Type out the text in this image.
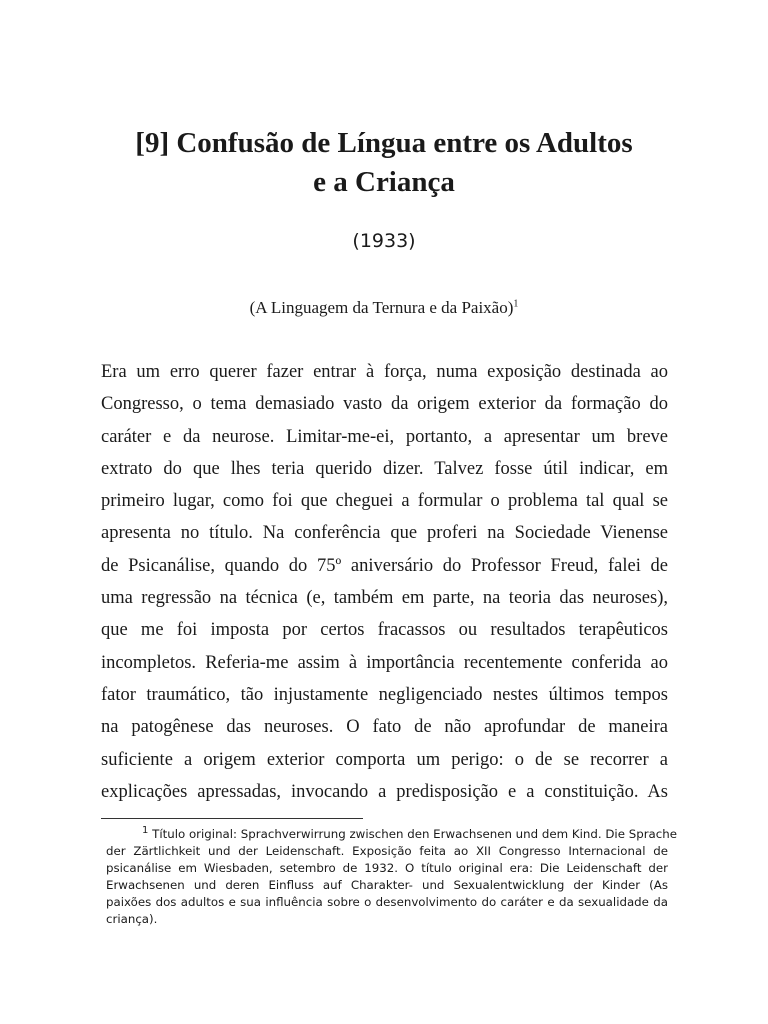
[9] Confusão de Língua entre os Adultos
e a Criança

(1933)

(A Linguagem da Ternura e da Paixão)$^1$

Era um erro querer fazer entrar à força, numa exposição destinada ao
Congresso, o tema demasiado vasto da origem exterior da formação do
caráter e da neurose. Limitar-me-ei, portanto, a apresentar um breve
extrato do que lhes teria querido dizer. Talvez fosse útil indicar, em
primeiro lugar, como foi que cheguei a formular o problema tal qual se
apresenta no título. Na conferência que proferi na Sociedade Vienense
de Psicanálise, quando do 75º aniversário do Professor Freud, falei de
uma regressão na técnica (e, também em parte, na teoria das neuroses),
que me foi imposta por certos fracassos ou resultados terapêuticos
incompletos. Referia-me assim à importância recentemente conferida ao
fator traumático, tão injustamente negligenciado nestes últimos tempos
na patogênese das neuroses. O fato de não aprofundar de maneira
suficiente a origem exterior comporta um perigo: o de se recorrer a
explicações apressadas, invocando a predisposição e a constituição. As
$^1$ Título original: Sprachverwirrung zwischen den Erwachsenen und dem Kind. Die Sprache
der Zärtlichkeit und der Leidenschaft. Exposição feita ao XII Congresso Internacional de
psicanálise em Wiesbaden, setembro de 1932. O título original era: Die Leidenschaft der
Erwachsenen und deren Einfluss auf Charakter- und Sexualentwicklung der Kinder (As
paixões dos adultos e sua influência sobre o desenvolvimento do caráter e da sexualidade da
criança).
